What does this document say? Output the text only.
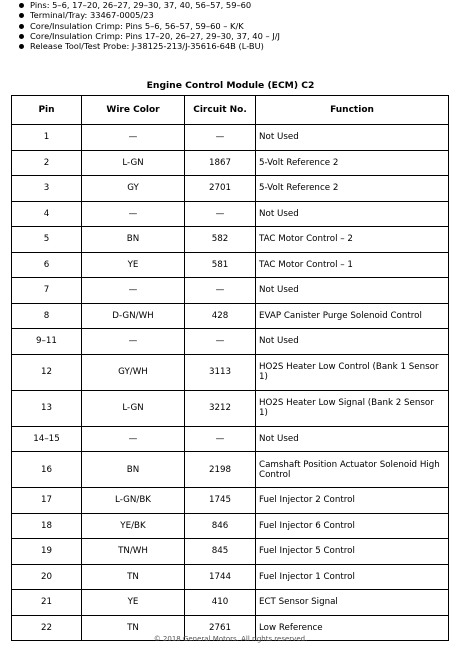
Pins: 5–6, 17–20, 26–27, 29–30, 37, 40, 56–57, 59–60
Terminal/Tray: 33467-0005/23
Core/Insulation Crimp: Pins 5–6, 56–57, 59–60 – K/K
Core/Insulation Crimp: Pins 17–20, 26–27, 29–30, 37, 40 – J/J
Release Tool/Test Probe: J-38125-213/J-35616-64B (L-BU)
Engine Control Module (ECM) C2
Pin	Wire Color	Circuit No.	Function
1	—	—	Not Used
2	L-GN	1867	5-Volt Reference 2
3	GY	2701	5-Volt Reference 2
4	—	—	Not Used
5	BN	582	TAC Motor Control – 2
6	YE	581	TAC Motor Control – 1
7	—	—	Not Used
8	D-GN/WH	428	EVAP Canister Purge Solenoid Control
9–11	—	—	Not Used
12	GY/WH	3113	HO2S Heater Low Control (Bank 1 Sensor 1)
13	L-GN	3212	HO2S Heater Low Signal (Bank 2 Sensor 1)
14–15	—	—	Not Used
16	BN	2198	Camshaft Position Actuator Solenoid High Control
17	L-GN/BK	1745	Fuel Injector 2 Control
18	YE/BK	846	Fuel Injector 6 Control
19	TN/WH	845	Fuel Injector 5 Control
20	TN	1744	Fuel Injector 1 Control
21	YE	410	ECT Sensor Signal
22	TN	2761	Low Reference
© 2018 General Motors. All rights reserved.
